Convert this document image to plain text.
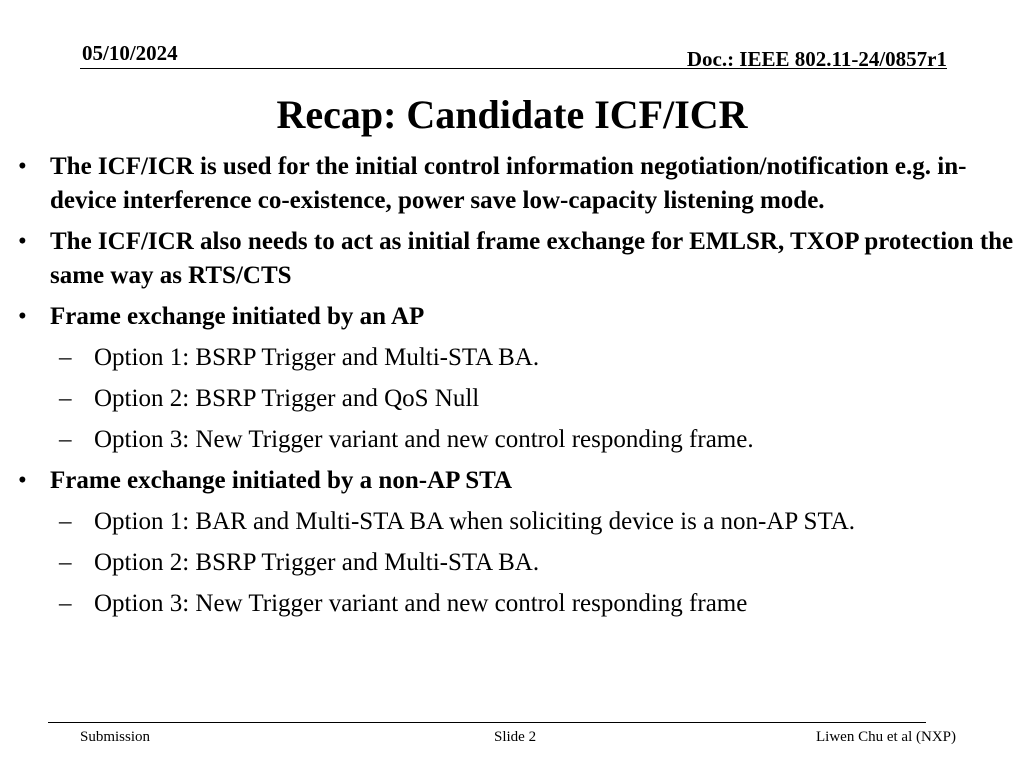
05/10/2024	Doc.: IEEE 802.11-24/0857r1
Recap: Candidate ICF/ICR
• The ICF/ICR is used for the initial control information negotiation/notification e.g. in-device interference co-existence, power save low-capacity listening mode.
• The ICF/ICR also needs to act as initial frame exchange for EMLSR, TXOP protection the same way as RTS/CTS
• Frame exchange initiated by an AP
– Option 1: BSRP Trigger and Multi-STA BA.
– Option 2: BSRP Trigger and QoS Null
– Option 3: New Trigger variant and new control responding frame.
• Frame exchange initiated by a non-AP STA
– Option 1: BAR and Multi-STA BA when soliciting device is a non-AP STA.
– Option 2: BSRP Trigger and Multi-STA BA.
– Option 3: New Trigger variant and new control responding frame
Submission	Slide 2	Liwen Chu et al (NXP)
